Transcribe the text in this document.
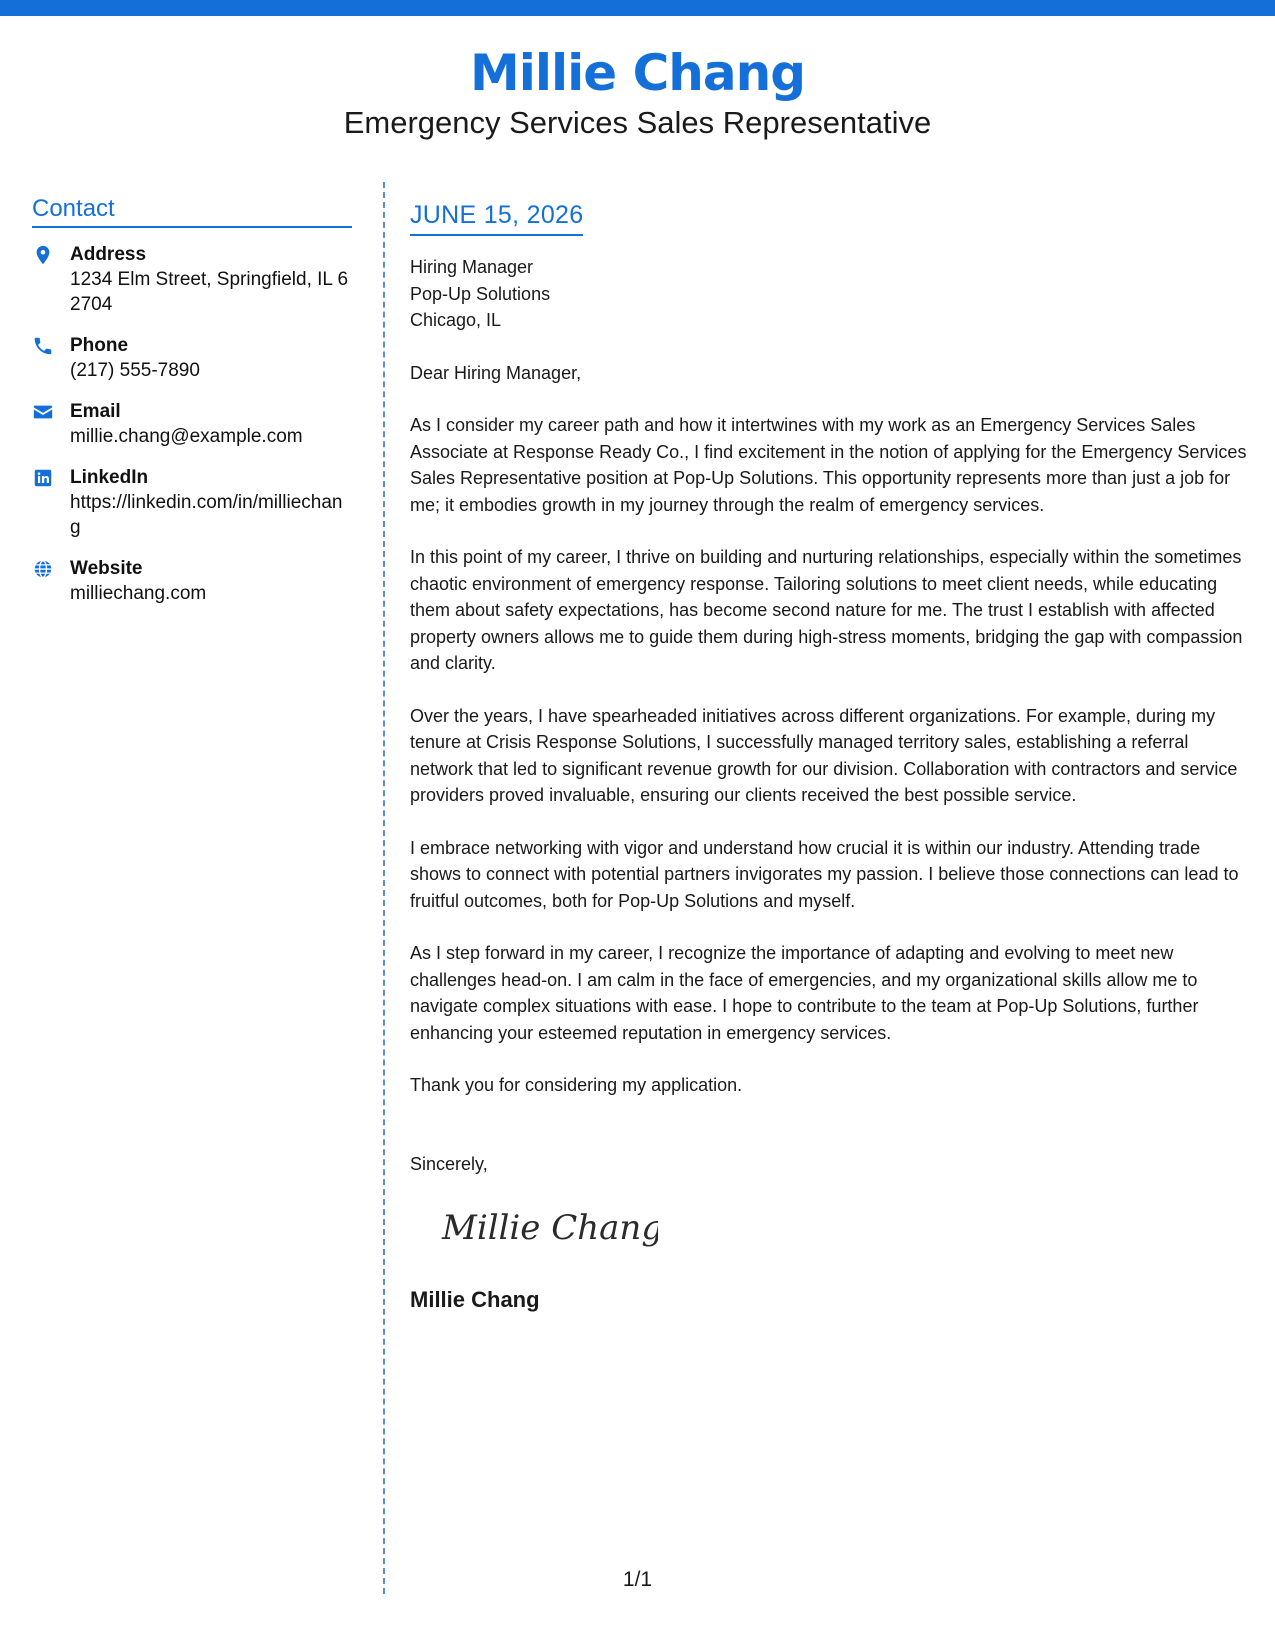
Millie Chang
Emergency Services Sales Representative
Contact
Address
1234 Elm Street, Springfield, IL 62704
Phone
(217) 555-7890
Email
millie.chang@example.com
LinkedIn
https://linkedin.com/in/milliechang
Website
milliechang.com
JUNE 15, 2026
Hiring Manager
Pop-Up Solutions
Chicago, IL
Dear Hiring Manager,
As I consider my career path and how it intertwines with my work as an Emergency Services Sales Associate at Response Ready Co., I find excitement in the notion of applying for the Emergency Services Sales Representative position at Pop-Up Solutions. This opportunity represents more than just a job for me; it embodies growth in my journey through the realm of emergency services.
In this point of my career, I thrive on building and nurturing relationships, especially within the sometimes chaotic environment of emergency response. Tailoring solutions to meet client needs, while educating them about safety expectations, has become second nature for me. The trust I establish with affected property owners allows me to guide them during high-stress moments, bridging the gap with compassion and clarity.
Over the years, I have spearheaded initiatives across different organizations. For example, during my tenure at Crisis Response Solutions, I successfully managed territory sales, establishing a referral network that led to significant revenue growth for our division. Collaboration with contractors and service providers proved invaluable, ensuring our clients received the best possible service.
I embrace networking with vigor and understand how crucial it is within our industry. Attending trade shows to connect with potential partners invigorates my passion. I believe those connections can lead to fruitful outcomes, both for Pop-Up Solutions and myself.
As I step forward in my career, I recognize the importance of adapting and evolving to meet new challenges head-on. I am calm in the face of emergencies, and my organizational skills allow me to navigate complex situations with ease. I hope to contribute to the team at Pop-Up Solutions, further enhancing your esteemed reputation in emergency services.
Thank you for considering my application.
Sincerely,
Millie Chang
Millie Chang
1/1
